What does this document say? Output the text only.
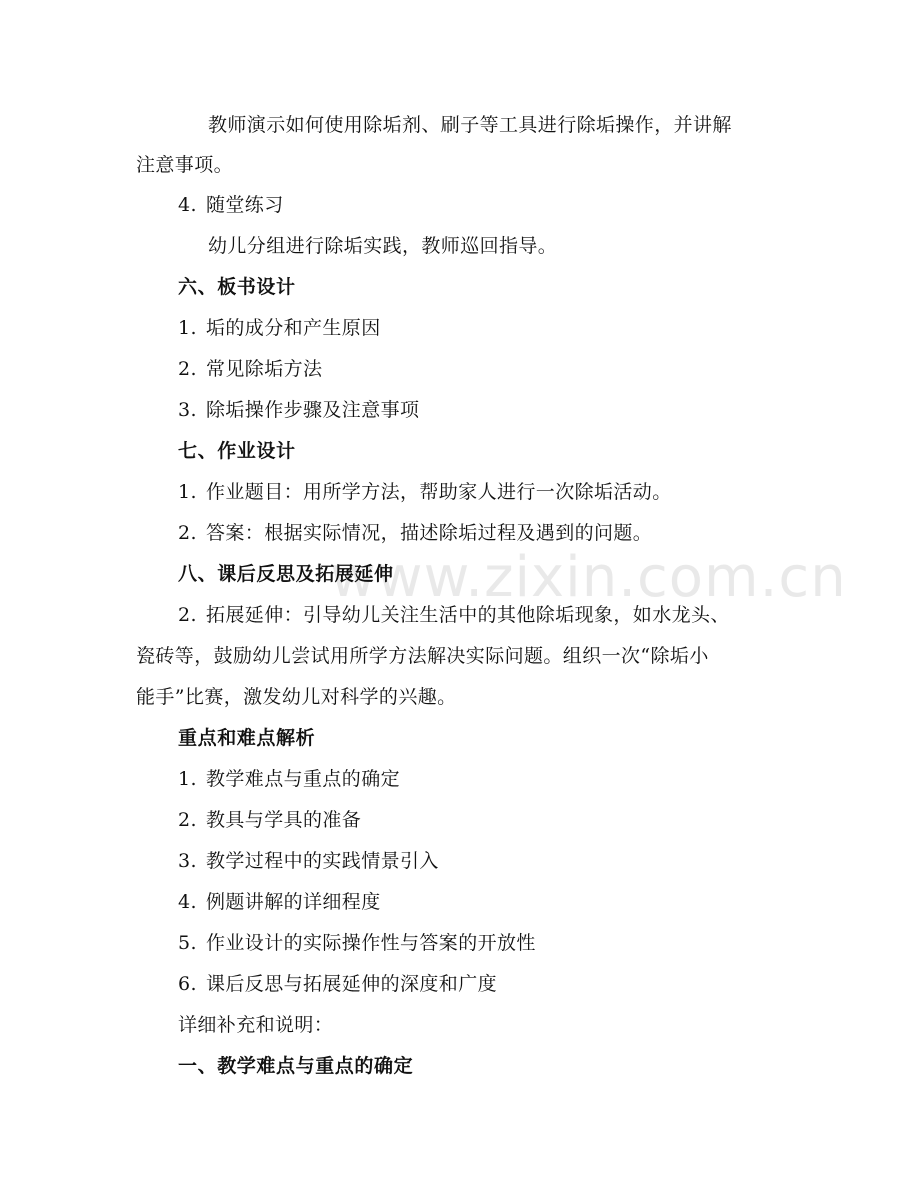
www.zixin.com.cn
教师演示如何使用除垢剂、刷子等工具进行除垢操作，并讲解
注意事项。
4. 随堂练习
幼儿分组进行除垢实践，教师巡回指导。
六、板书设计
1. 垢的成分和产生原因
2. 常见除垢方法
3. 除垢操作步骤及注意事项
七、作业设计
1. 作业题目：用所学方法，帮助家人进行一次除垢活动。
2. 答案：根据实际情况，描述除垢过程及遇到的问题。
八、课后反思及拓展延伸
2. 拓展延伸：引导幼儿关注生活中的其他除垢现象，如水龙头、
瓷砖等，鼓励幼儿尝试用所学方法解决实际问题。组织一次“除垢小
能手”比赛，激发幼儿对科学的兴趣。
重点和难点解析
1. 教学难点与重点的确定
2. 教具与学具的准备
3. 教学过程中的实践情景引入
4. 例题讲解的详细程度
5. 作业设计的实际操作性与答案的开放性
6. 课后反思与拓展延伸的深度和广度
详细补充和说明：
一、教学难点与重点的确定
